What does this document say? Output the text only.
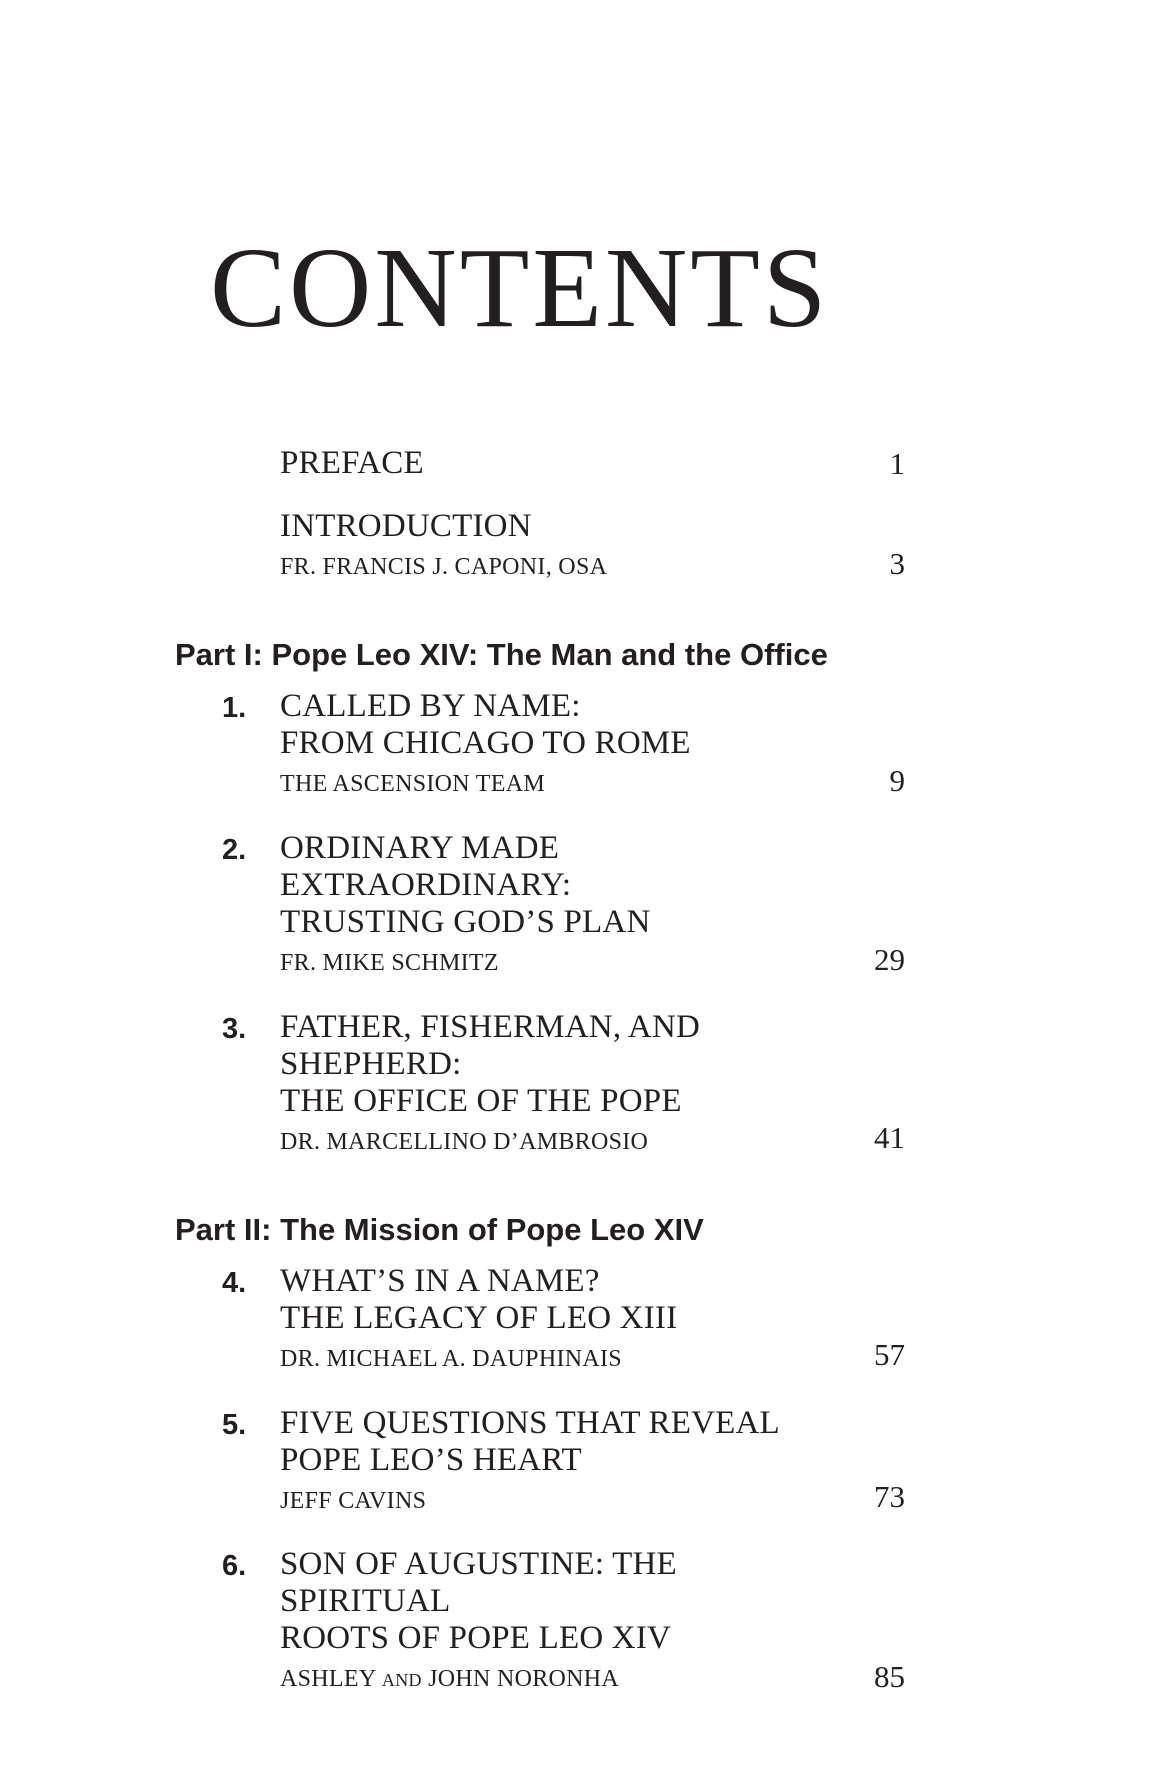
CONTENTS
PREFACE	1
INTRODUCTION
FR. FRANCIS J. CAPONI, OSA	3
Part I: Pope Leo XIV: The Man and the Office
1.	CALLED BY NAME:
FROM CHICAGO TO ROME
THE ASCENSION TEAM	9
2.	ORDINARY MADE EXTRAORDINARY:
TRUSTING GOD’S PLAN
FR. MIKE SCHMITZ	29
3.	FATHER, FISHERMAN, AND SHEPHERD:
THE OFFICE OF THE POPE
DR. MARCELLINO D’AMBROSIO	41
Part II: The Mission of Pope Leo XIV
4.	WHAT’S IN A NAME?
THE LEGACY OF LEO XIII
DR. MICHAEL A. DAUPHINAIS	57
5.	FIVE QUESTIONS THAT REVEAL
POPE LEO’S HEART
JEFF CAVINS	73
6.	SON OF AUGUSTINE: THE SPIRITUAL
ROOTS OF POPE LEO XIV
ASHLEY AND JOHN NORONHA	85
